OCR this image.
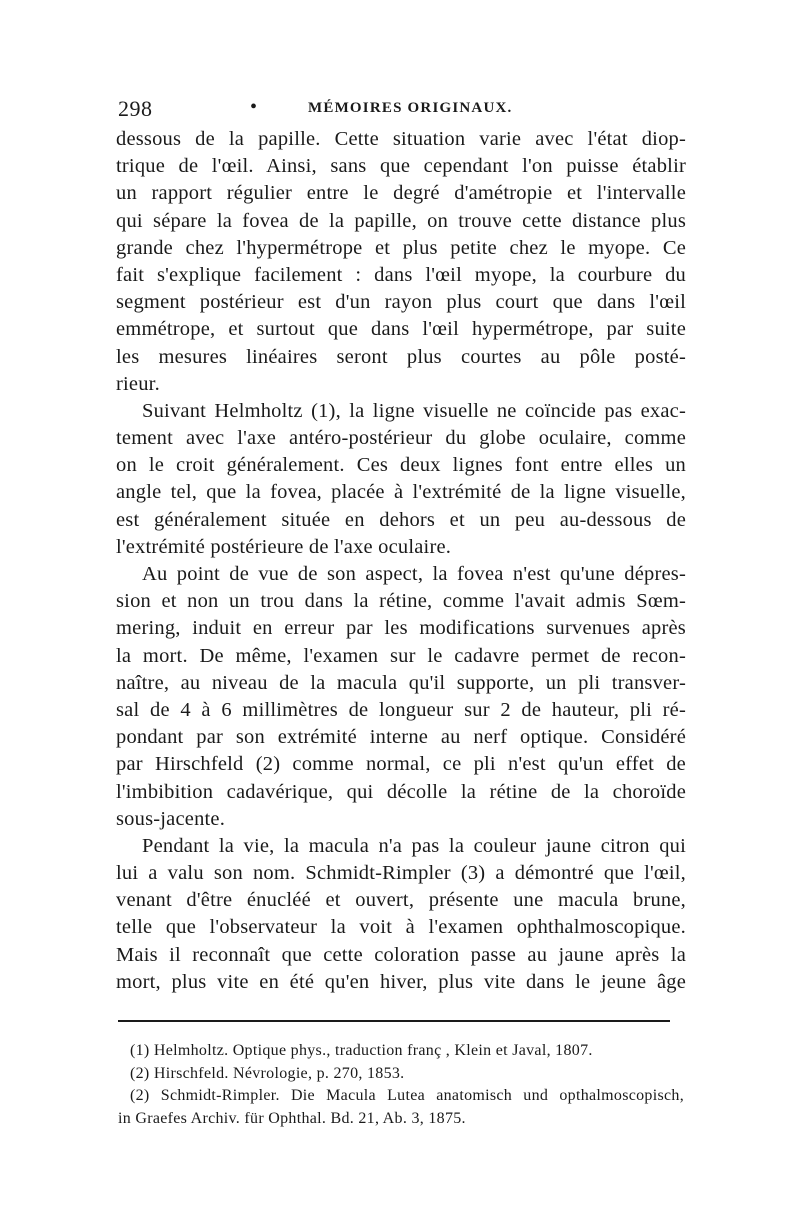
298	•	MÉMOIRES ORIGINAUX.
dessous de la papille. Cette situation varie avec l'état diop-
trique de l'œil. Ainsi, sans que cependant l'on puisse établir
un rapport régulier entre le degré d'amétropie et l'intervalle
qui sépare la fovea de la papille, on trouve cette distance plus
grande chez l'hypermétrope et plus petite chez le myope. Ce
fait s'explique facilement : dans l'œil myope, la courbure du
segment postérieur est d'un rayon plus court que dans l'œil
emmétrope, et surtout que dans l'œil hypermétrope, par suite
les mesures linéaires seront plus courtes au pôle posté-
rieur.
Suivant Helmholtz (1), la ligne visuelle ne coïncide pas exac-
tement avec l'axe antéro-postérieur du globe oculaire, comme
on le croit généralement. Ces deux lignes font entre elles un
angle tel, que la fovea, placée à l'extrémité de la ligne visuelle,
est généralement située en dehors et un peu au-dessous de
l'extrémité postérieure de l'axe oculaire.
Au point de vue de son aspect, la fovea n'est qu'une dépres-
sion et non un trou dans la rétine, comme l'avait admis Sœm-
mering, induit en erreur par les modifications survenues après
la mort. De même, l'examen sur le cadavre permet de recon-
naître, au niveau de la macula qu'il supporte, un pli transver-
sal de 4 à 6 millimètres de longueur sur 2 de hauteur, pli ré-
pondant par son extrémité interne au nerf optique. Considéré
par Hirschfeld (2) comme normal, ce pli n'est qu'un effet de
l'imbibition cadavérique, qui décolle la rétine de la choroïde
sous-jacente.
Pendant la vie, la macula n'a pas la couleur jaune citron qui
lui a valu son nom. Schmidt-Rimpler (3) a démontré que l'œil,
venant d'être énucléé et ouvert, présente une macula brune,
telle que l'observateur la voit à l'examen ophthalmoscopique.
Mais il reconnaît que cette coloration passe au jaune après la
mort, plus vite en été qu'en hiver, plus vite dans le jeune âge
(1) Helmholtz. Optique phys., traduction franç , Klein et Javal, 1807.
(2) Hirschfeld. Névrologie, p. 270, 1853.
(2) Schmidt-Rimpler. Die Macula Lutea anatomisch und opthalmoscopisch,
in Graefes Archiv. für Ophthal. Bd. 21, Ab. 3, 1875.
